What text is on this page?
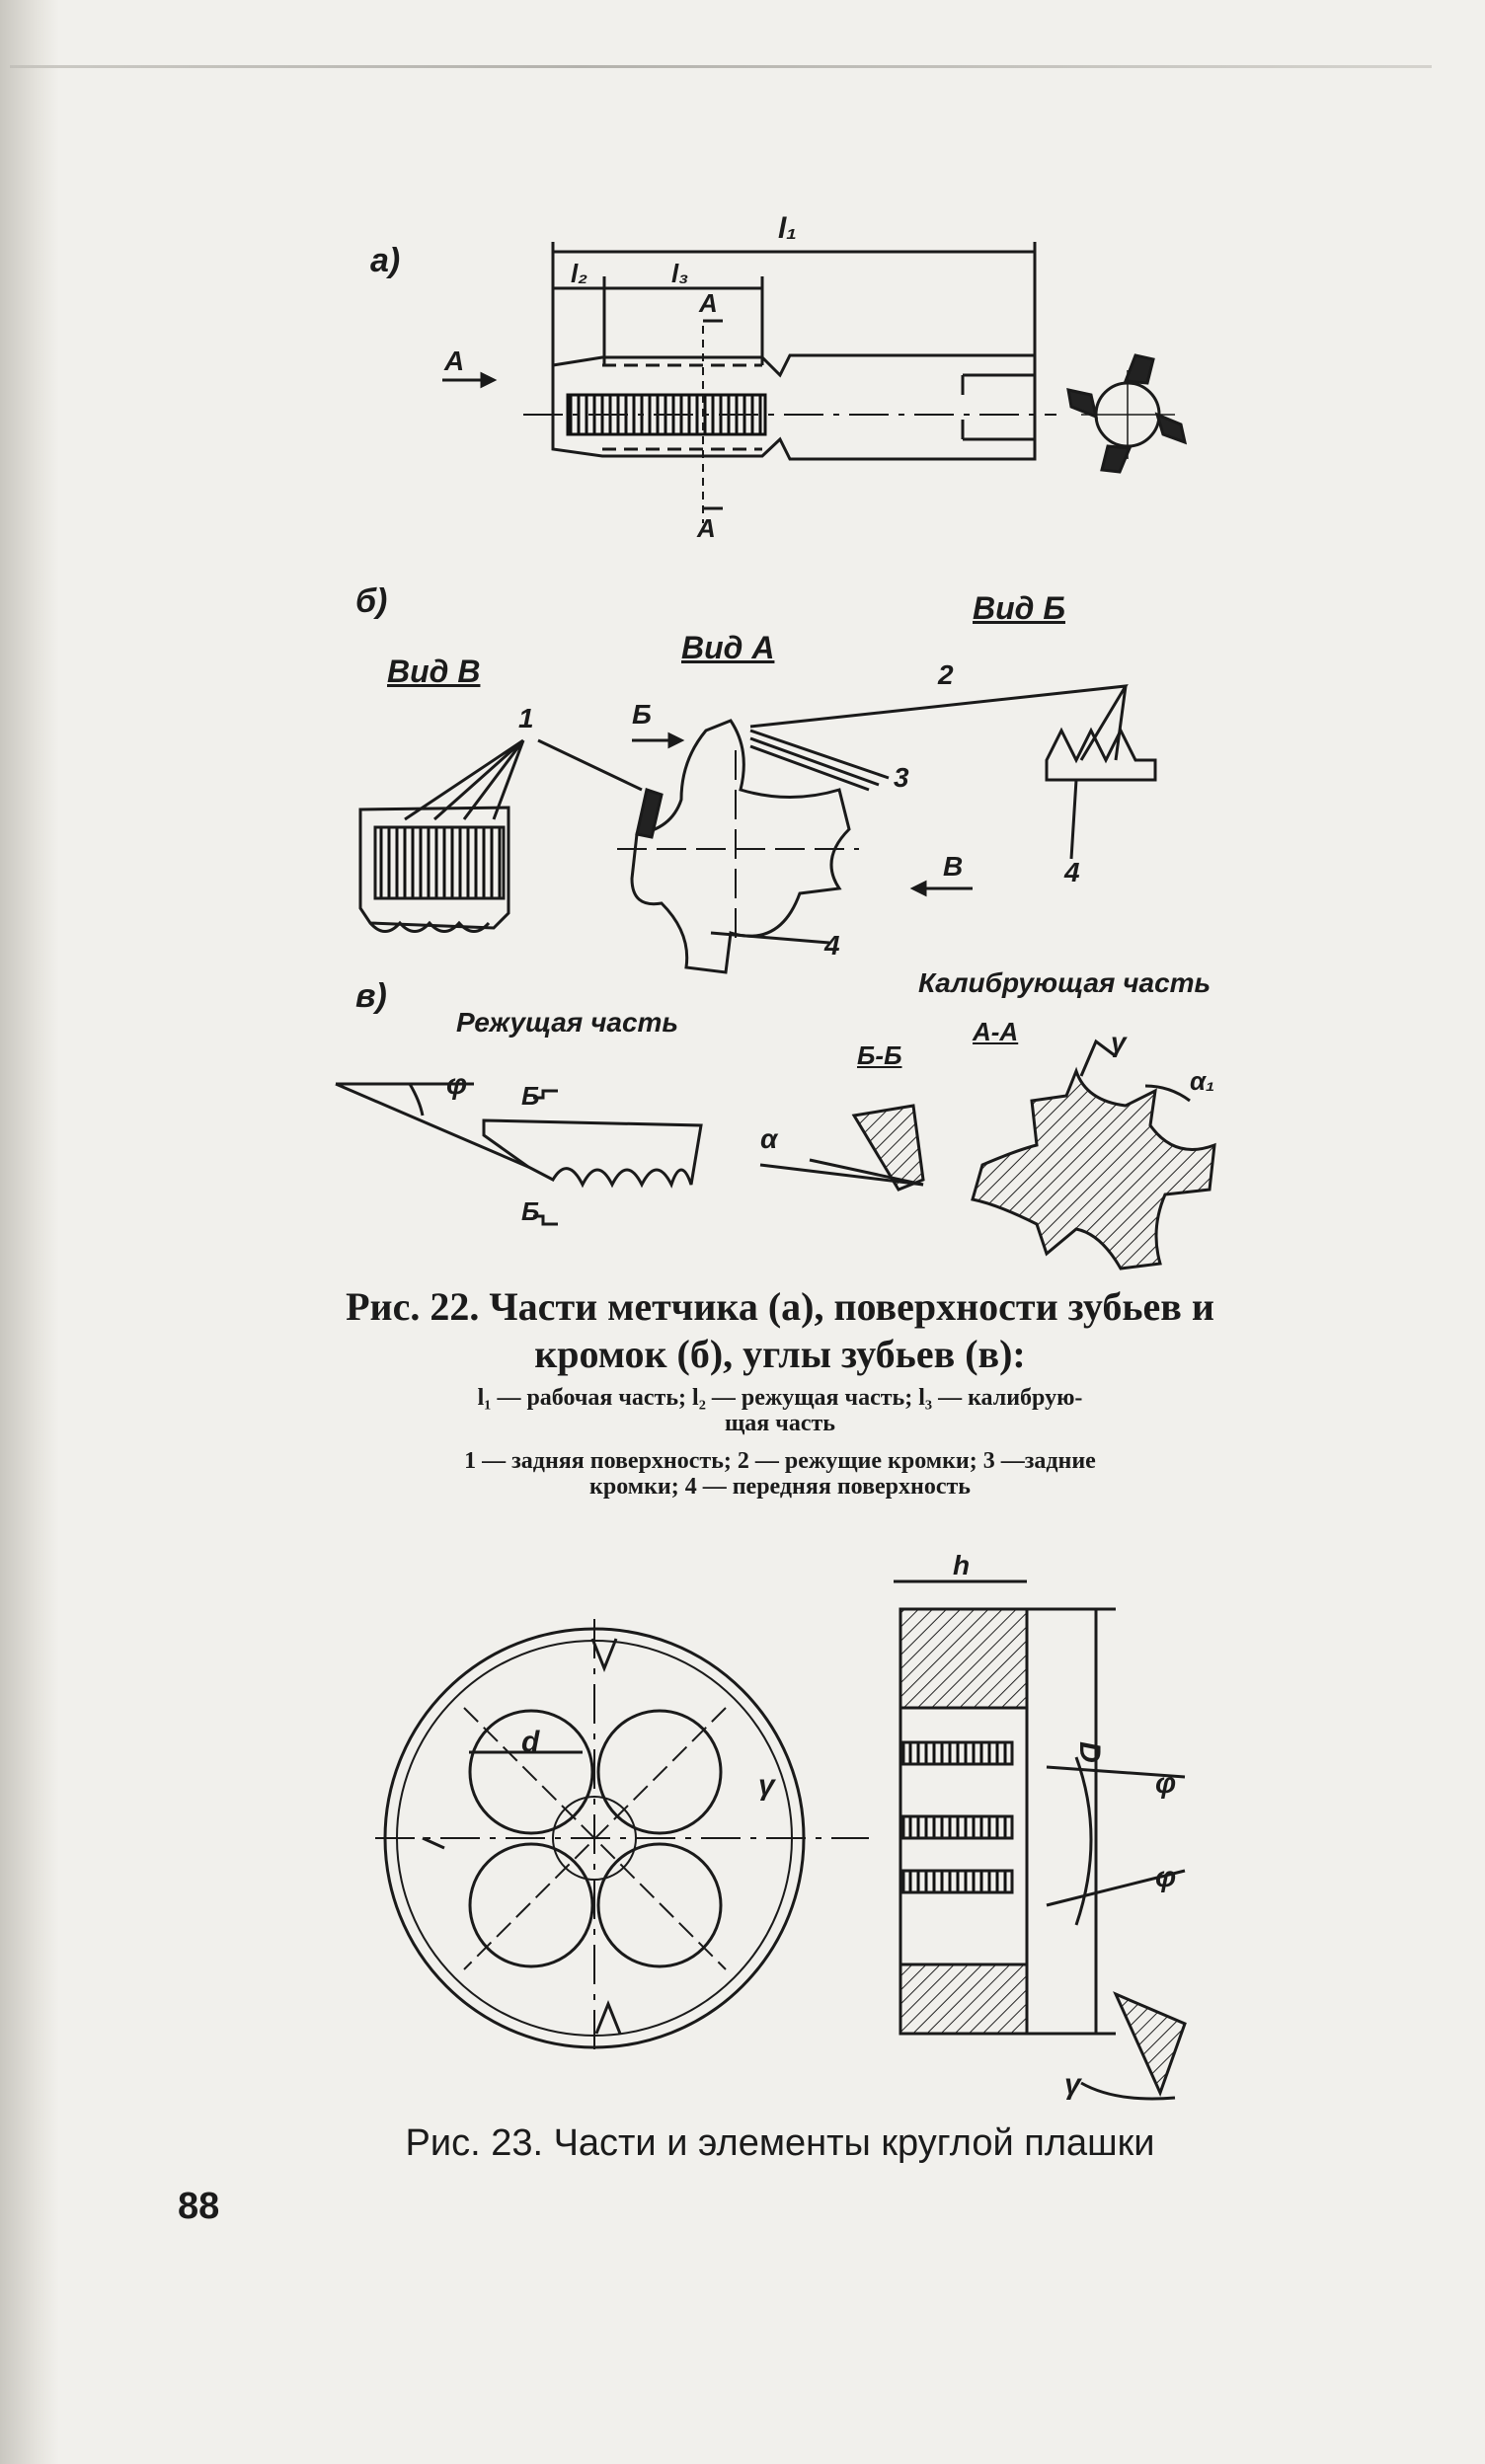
а)
l₁
l₂	l₃
А
А
А
б)
Вид В
Вид А
Вид Б
1
2
3
4
4
Б
В
в)
Режущая часть
Калибрующая часть
Б-Б
А-А
φ
α
α₁
γ
Б
Б
Рис. 22. Части метчика (а), поверхности зубьев и
кромок (б), углы зубьев (в):
l₁ — рабочая часть; l₂ — режущая часть; l₃ — калибрую-
щая часть
1 — задняя поверхность; 2 — режущие кромки; 3 —задние
кромки; 4 — передняя поверхность
h
d	D
γ	φ
φ
γ
Рис. 23. Части и элементы круглой плашки
88
